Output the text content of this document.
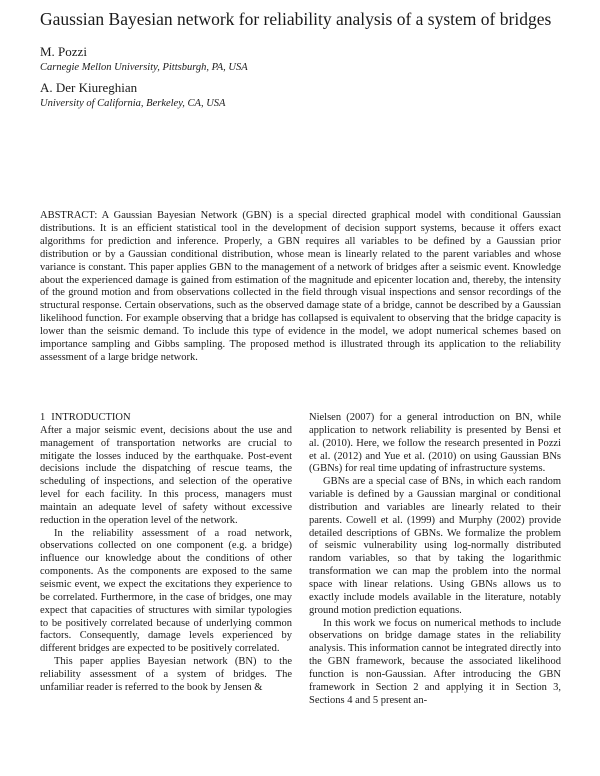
Gaussian Bayesian network for reliability analysis of a system of bridges
M. Pozzi
Carnegie Mellon University, Pittsburgh, PA, USA
A. Der Kiureghian
University of California, Berkeley, CA, USA
ABSTRACT: A Gaussian Bayesian Network (GBN) is a special directed graphical model with conditional Gaussian distributions. It is an efficient statistical tool in the development of decision support systems, because it offers exact algorithms for prediction and inference. Properly, a GBN requires all variables to be defined by a Gaussian prior distribution or by a Gaussian conditional distribution, whose mean is linearly related to the parent variables and whose variance is constant. This paper applies GBN to the management of a network of bridges after a seismic event. Knowledge about the experienced damage is gained from estimation of the magnitude and epicenter location and, thereby, the intensity of the ground motion and from observations collected in the field through visual inspections and sensor recordings of the structural response. Certain observations, such as the observed damage state of a bridge, cannot be described by a Gaussian likelihood function. For example observing that a bridge has collapsed is equivalent to observing that the bridge capacity is lower than the seismic demand. To include this type of evidence in the model, we adopt numerical schemes based on importance sampling and Gibbs sampling. The proposed method is illustrated through its application to the reliability assessment of a large bridge network.
1 INTRODUCTION

After a major seismic event, decisions about the use and management of transportation networks are crucial to mitigate the losses induced by the earthquake. Post-event decisions include the dispatching of rescue teams, the scheduling of inspections, and selection of the operative level for each facility. In this process, managers must maintain an adequate level of safety without excessive reduction in the operation level of the network.

In the reliability assessment of a road network, observations collected on one component (e.g. a bridge) influence our knowledge about the conditions of other components. As the components are exposed to the same seismic event, we expect the excitations they experience to be correlated. Furthermore, in the case of bridges, one may expect that capacities of structures with similar typologies to be positively correlated because of underlying common factors. Consequently, damage levels experienced by different bridges are expected to be positively correlated.

This paper applies Bayesian network (BN) to the reliability assessment of a system of bridges. The unfamiliar reader is referred to the book by Jensen &

Nielsen (2007) for a general introduction on BN, while application to network reliability is presented by Bensi et al. (2010). Here, we follow the research presented in Pozzi et al. (2012) and Yue et al. (2010) on using Gaussian BNs (GBNs) for real time updating of infrastructure systems.

GBNs are a special case of BNs, in which each random variable is defined by a Gaussian marginal or conditional distribution and variables are linearly related to their parents. Cowell et al. (1999) and Murphy (2002) provide detailed descriptions of GBNs. We formalize the problem of seismic vulnerability using log-normally distributed random variables, so that by taking the logarithmic transformation we can map the problem into the normal space with linear relations. Using GBNs allows us to exactly include models available in the literature, notably ground motion prediction equations.

In this work we focus on numerical methods to include observations on bridge damage states in the reliability analysis. This information cannot be integrated directly into the GBN framework, because the associated likelihood function is non-Gaussian. After introducing the GBN framework in Section 2 and applying it in Section 3, Sections 4 and 5 present an-
